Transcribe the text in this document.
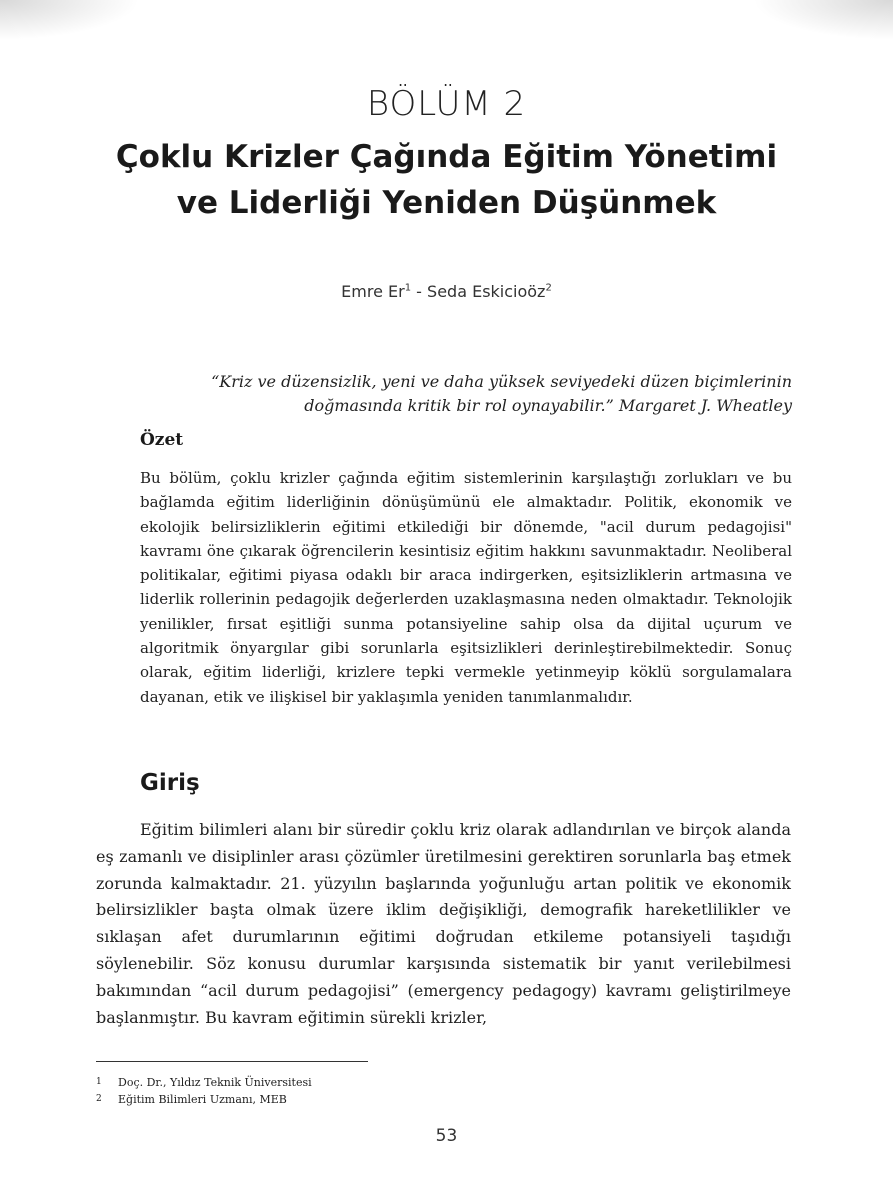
BÖLÜM 2
Çoklu Krizler Çağında Eğitim Yönetimi
ve Liderliği Yeniden Düşünmek
Emre Er$^1$ - Seda Eskicioöz$^2$
“Kriz ve düzensizlik, yeni ve daha yüksek seviyedeki düzen biçimlerinin doğmasında kritik bir rol oynayabilir.” Margaret J. Wheatley
Özet

Bu bölüm, çoklu krizler çağında eğitim sistemlerinin karşılaştığı zorlukları ve bu bağlamda eğitim liderliğinin dönüşümünü ele almaktadır. Politik, ekonomik ve ekolojik belirsizliklerin eğitimi etkilediği bir dönemde, "acil durum pedagojisi" kavramı öne çıkarak öğrencilerin kesintisiz eğitim hakkını savunmaktadır. Neoliberal politikalar, eğitimi piyasa odaklı bir araca indirgerken, eşitsizliklerin artmasına ve liderlik rollerinin pedagojik değerlerden uzaklaşmasına neden olmaktadır. Teknolojik yenilikler, fırsat eşitliği sunma potansiyeline sahip olsa da dijital uçurum ve algoritmik önyargılar gibi sorunlarla eşitsizlikleri derinleştirebilmektedir. Sonuç olarak, eğitim liderliği, krizlere tepki vermekle yetinmeyip köklü sorgulamalara dayanan, etik ve ilişkisel bir yaklaşımla yeniden tanımlanmalıdır.

Giriş

Eğitim bilimleri alanı bir süredir çoklu kriz olarak adlandırılan ve birçok alanda eş zamanlı ve disiplinler arası çözümler üretilmesini gerektiren sorunlarla baş etmek zorunda kalmaktadır. 21. yüzyılın başlarında yoğunluğu artan politik ve ekonomik belirsizlikler başta olmak üzere iklim değişikliği, demografik hareketlilikler ve sıklaşan afet durumlarının eğitimi doğrudan etkileme potansiyeli taşıdığı söylenebilir. Söz konusu durumlar karşısında sistematik bir yanıt verilebilmesi bakımından “acil durum pedagojisi” (emergency pedagogy) kavramı geliştirilmeye başlanmıştır. Bu kavram eğitimin sürekli krizler,

1	Doç. Dr., Yıldız Teknik Üniversitesi
2	Eğitim Bilimleri Uzmanı, MEB
53
